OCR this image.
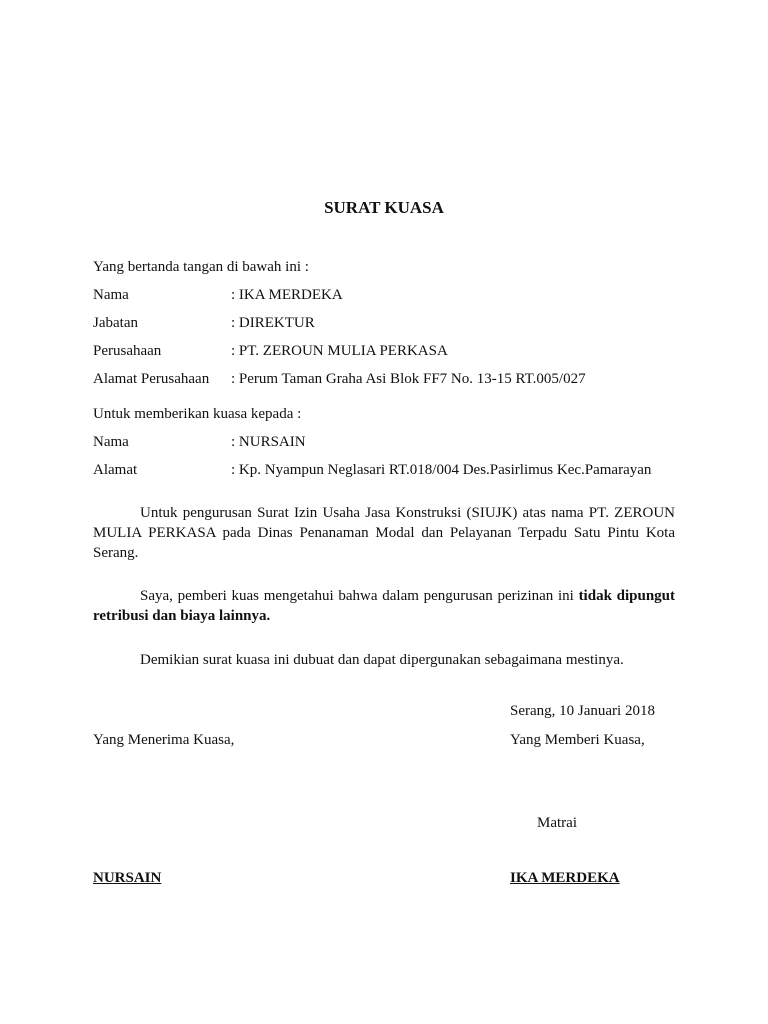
SURAT KUASA
Yang bertanda tangan di bawah ini :
Nama	: IKA MERDEKA
Jabatan	: DIREKTUR
Perusahaan	: PT. ZEROUN MULIA PERKASA
Alamat Perusahaan : Perum Taman Graha Asi Blok FF7 No. 13-15 RT.005/027
Untuk memberikan kuasa kepada :
Nama	: NURSAIN
Alamat	: Kp. Nyampun Neglasari RT.018/004 Des.Pasirlimus Kec.Pamarayan
Untuk pengurusan Surat Izin Usaha Jasa Konstruksi (SIUJK) atas nama PT. ZEROUN MULIA PERKASA pada Dinas Penanaman Modal dan Pelayanan Terpadu Satu Pintu Kota Serang.
Saya, pemberi kuas mengetahui bahwa dalam pengurusan perizinan ini tidak dipungut retribusi dan biaya lainnya.
Demikian surat kuasa ini dubuat dan dapat dipergunakan sebagaimana mestinya.
Serang, 10 Januari 2018
Yang Menerima Kuasa,	Yang Memberi Kuasa,
Matrai
NURSAIN	IKA MERDEKA
